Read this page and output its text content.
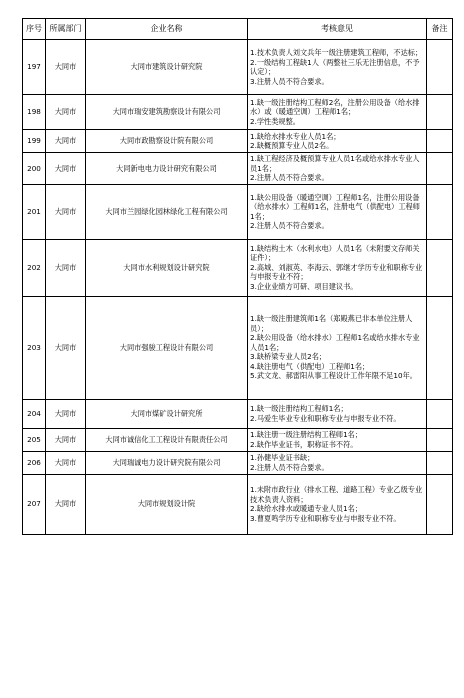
序号	所属部门	企业名称	考核意见	备注
197	大同市	大同市建筑设计研究院	1.技术负责人刘文兵年一级注册建筑工程师，不达标；
2.一级结构工程缺1人（两整社三乐无注册信息，不予认定）；
3.注册人员不符合要求。	

198	大同市	大同市瑞安建筑勘察设计有限公司	1.缺一级注册结构工程师2名，注册公用设备（给水排水）或（暖通空调）工程师1名；
2.学性类规整。	

199	大同市	大同市政勘察设计院有限公司	1.缺给水排水专业人员1名；
2.缺概预算专业人员2名。	

200	大同市	大同新电电力设计研究有限公司	1.缺工程经济及概预算专业人员1名或给水排水专业人员1名；
2.注册人员不符合要求。	

201	大同市	大同市兰园绿化园林绿化工程有限公司	1.缺公用设备（暖通空调）工程师1名，注册公用设备（给水排水）工程师1名，注册电气（供配电）工程师1名；
2.注册人员不符合要求。	

202	大同市	大同市水利规划设计研究院	1.缺结构土木（水利水电）人员1名（未附要文存师关证件）；
2.高城、刘淑英、李海云、郭继才学历专业和职称专业与申报专业不符；
3.企业业绩方可研、项目建议书。	

203	大同市	大同市强骏工程设计有限公司	1.缺一级注册建筑师1名（郑殿燕已非本单位注册人员）；
2.缺公用设备（给水排水）工程师1名或给水排水专业人员1名；
3.缺桥梁专业人员2名；
4.缺注册电气（供配电）工程师1名；
5.武文龙、郝雷阳从事工程设计工作年限不足10年。	

204	大同市	大同市煤矿设计研究所	1.缺一级注册结构工程师1名；
2.马爱生毕业专业和职称专业与申报专业不符。	

205	大同市	大同市诚信化工工程设计有限责任公司	1.缺注册一级注册结构工程师1名；
2.缺作毕业证书，职称证书不符。	

206	大同市	大同瑞诚电力设计研究院有限公司	1.孙健毕业证书缺；
2.注册人员不符合要求。	

207	大同市	大同市规划设计院	1.未附市政行业（排水工程、道路工程）专业乙级专业技术负责人资料；
2.缺给水排水或暖通专业人员1名；
3.曹夏鸣学历专业和职称专业与申报专业不符。	
